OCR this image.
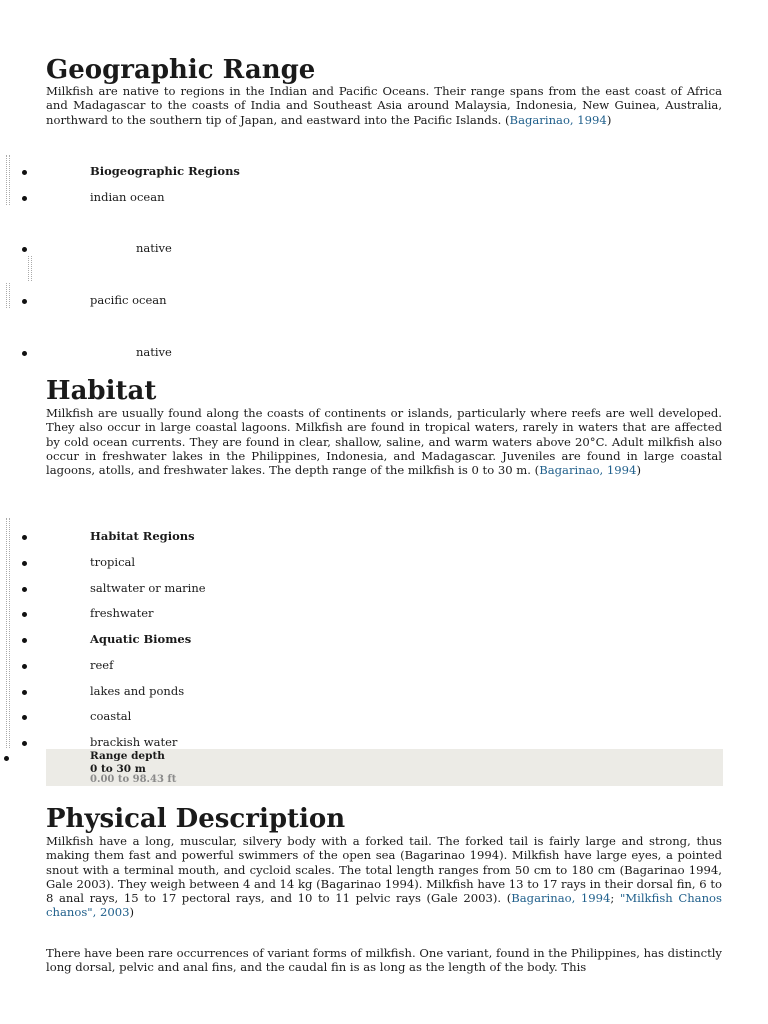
Geographic Range

Milkfish are native to regions in the Indian and Pacific Oceans. Their range spans from the east coast of Africa and Madagascar to the coasts of India and Southeast Asia around Malaysia, Indonesia, New Guinea, Australia, northward to the southern tip of Japan, and eastward into the Pacific Islands. (Bagarinao, 1994)

Biogeographic Regions

indian ocean

native

pacific ocean

native

Habitat

Milkfish are usually found along the coasts of continents or islands, particularly where reefs are well developed. They also occur in large coastal lagoons. Milkfish are found in tropical waters, rarely in waters that are affected by cold ocean currents. They are found in clear, shallow, saline, and warm waters above 20°C. Adult milkfish also occur in freshwater lakes in the Philippines, Indonesia, and Madagascar. Juveniles are found in large coastal lagoons, atolls, and freshwater lakes. The depth range of the milkfish is 0 to 30 m. (Bagarinao, 1994)

Habitat Regions

tropical

saltwater or marine

freshwater

Aquatic Biomes

reef

lakes and ponds

coastal

brackish water

Range depth
0 to 30 m
0.00 to 98.43 ft
Physical Description

Milkfish have a long, muscular, silvery body with a forked tail. The forked tail is fairly large and strong, thus making them fast and powerful swimmers of the open sea (Bagarinao 1994). Milkfish have large eyes, a pointed snout with a terminal mouth, and cycloid scales. The total length ranges from 50 cm to 180 cm (Bagarinao 1994, Gale 2003). They weigh between 4 and 14 kg (Bagarinao 1994). Milkfish have 13 to 17 rays in their dorsal fin, 6 to 8 anal rays, 15 to 17 pectoral rays, and 10 to 11 pelvic rays (Gale 2003). (Bagarinao, 1994; "Milkfish Chanos chanos", 2003)

There have been rare occurrences of variant forms of milkfish. One variant, found in the Philippines, has distinctly long dorsal, pelvic and anal fins, and the caudal fin is as long as the length of the body. This
